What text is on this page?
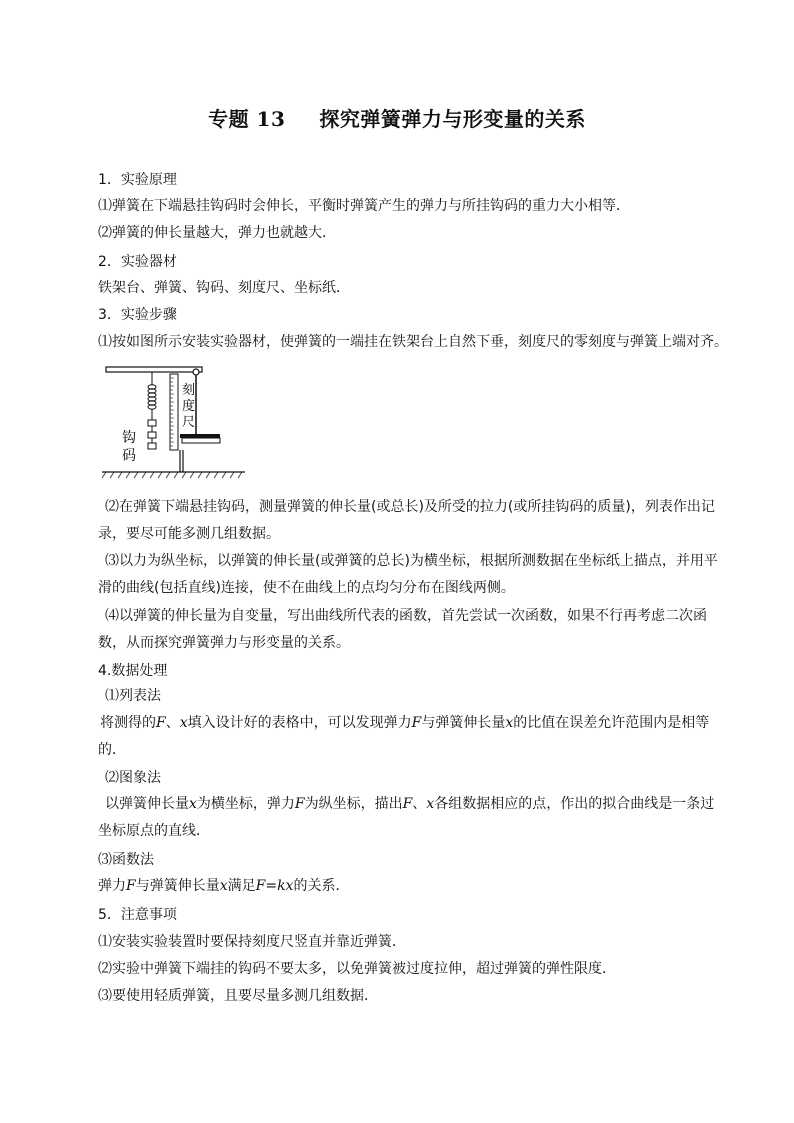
专题 13 探究弹簧弹力与形变量的关系
1．实验原理
⑴弹簧在下端悬挂钩码时会伸长，平衡时弹簧产生的弹力与所挂钩码的重力大小相等．
⑵弹簧的伸长量越大，弹力也就越大．
2．实验器材
铁架台、弹簧、钩码、刻度尺、坐标纸．
3．实验步骤
⑴按如图所示安装实验器材，使弹簧的一端挂在铁架台上自然下垂，刻度尺的零刻度与弹簧上端对齐。
刻
度
尺
钩
码
⑵在弹簧下端悬挂钩码，测量弹簧的伸长量(或总长)及所受的拉力(或所挂钩码的质量)，列表作出记录，要尽可能多测几组数据。
⑶以力为纵坐标，以弹簧的伸长量(或弹簧的总长)为横坐标，根据所测数据在坐标纸上描点，并用平滑的曲线(包括直线)连接，使不在曲线上的点均匀分布在图线两侧。
⑷以弹簧的伸长量为自变量，写出曲线所代表的函数，首先尝试一次函数，如果不行再考虑二次函数，从而探究弹簧弹力与形变量的关系。
4.数据处理
⑴列表法
将测得的F、x填入设计好的表格中，可以发现弹力F与弹簧伸长量x的比值在误差允许范围内是相等的．
⑵图象法
以弹簧伸长量x为横坐标，弹力F为纵坐标，描出F、x各组数据相应的点，作出的拟合曲线是一条过坐标原点的直线．
⑶函数法
弹力F与弹簧伸长量x满足F=kx的关系．
5．注意事项
⑴安装实验装置时要保持刻度尺竖直并靠近弹簧．
⑵实验中弹簧下端挂的钩码不要太多，以免弹簧被过度拉伸，超过弹簧的弹性限度．
⑶要使用轻质弹簧，且要尽量多测几组数据．
